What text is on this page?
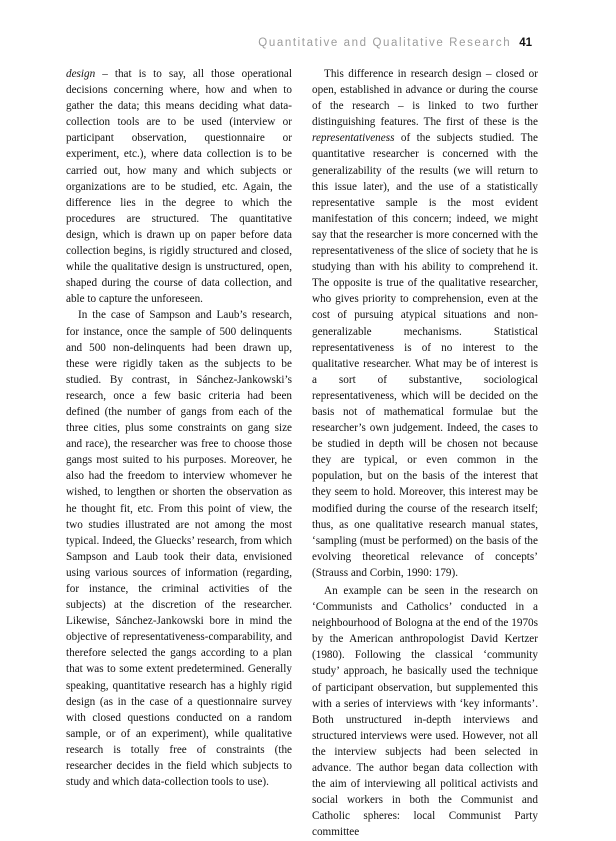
Quantitative and Qualitative Research 41

design – that is to say, all those operational decisions concerning where, how and when to gather the data; this means deciding what data-collection tools are to be used (interview or participant observation, questionnaire or experiment, etc.), where data collection is to be carried out, how many and which subjects or organizations are to be studied, etc. Again, the difference lies in the degree to which the procedures are structured. The quantitative design, which is drawn up on paper before data collection begins, is rigidly structured and closed, while the qualitative design is unstructured, open, shaped during the course of data collection, and able to capture the unforeseen.

In the case of Sampson and Laub’s research, for instance, once the sample of 500 delinquents and 500 non-delinquents had been drawn up, these were rigidly taken as the subjects to be studied. By contrast, in Sánchez-Jankowski’s research, once a few basic criteria had been defined (the number of gangs from each of the three cities, plus some constraints on gang size and race), the researcher was free to choose those gangs most suited to his purposes. Moreover, he also had the freedom to interview whomever he wished, to lengthen or shorten the observation as he thought fit, etc. From this point of view, the two studies illustrated are not among the most typical. Indeed, the Gluecks’ research, from which Sampson and Laub took their data, envisioned using various sources of information (regarding, for instance, the criminal activities of the subjects) at the discretion of the researcher. Likewise, Sánchez-Jankowski bore in mind the objective of representativeness-comparability, and therefore selected the gangs according to a plan that was to some extent predetermined. Generally speaking, quantitative research has a highly rigid design (as in the case of a questionnaire survey with closed questions conducted on a random sample, or of an experiment), while qualitative research is totally free of constraints (the researcher decides in the field which subjects to study and which data-collection tools to use).

This difference in research design – closed or open, established in advance or during the course of the research – is linked to two further distinguishing features. The first of these is the representativeness of the subjects studied. The quantitative researcher is concerned with the generalizability of the results (we will return to this issue later), and the use of a statistically representative sample is the most evident manifestation of this concern; indeed, we might say that the researcher is more concerned with the representativeness of the slice of society that he is studying than with his ability to comprehend it. The opposite is true of the qualitative researcher, who gives priority to comprehension, even at the cost of pursuing atypical situations and non-generalizable mechanisms. Statistical representativeness is of no interest to the qualitative researcher. What may be of interest is a sort of substantive, sociological representativeness, which will be decided on the basis not of mathematical formulae but the researcher’s own judgement. Indeed, the cases to be studied in depth will be chosen not because they are typical, or even common in the population, but on the basis of the interest that they seem to hold. Moreover, this interest may be modified during the course of the research itself; thus, as one qualitative research manual states, ‘sampling (must be performed) on the basis of the evolving theoretical relevance of concepts’ (Strauss and Corbin, 1990: 179).

An example can be seen in the research on ‘Communists and Catholics’ conducted in a neighbourhood of Bologna at the end of the 1970s by the American anthropologist David Kertzer (1980). Following the classical ‘community study’ approach, he basically used the technique of participant observation, but supplemented this with a series of interviews with ‘key informants’. Both unstructured in-depth interviews and structured interviews were used. However, not all the interview subjects had been selected in advance. The author began data collection with the aim of interviewing all political activists and social workers in both the Communist and Catholic spheres: local Communist Party committee
